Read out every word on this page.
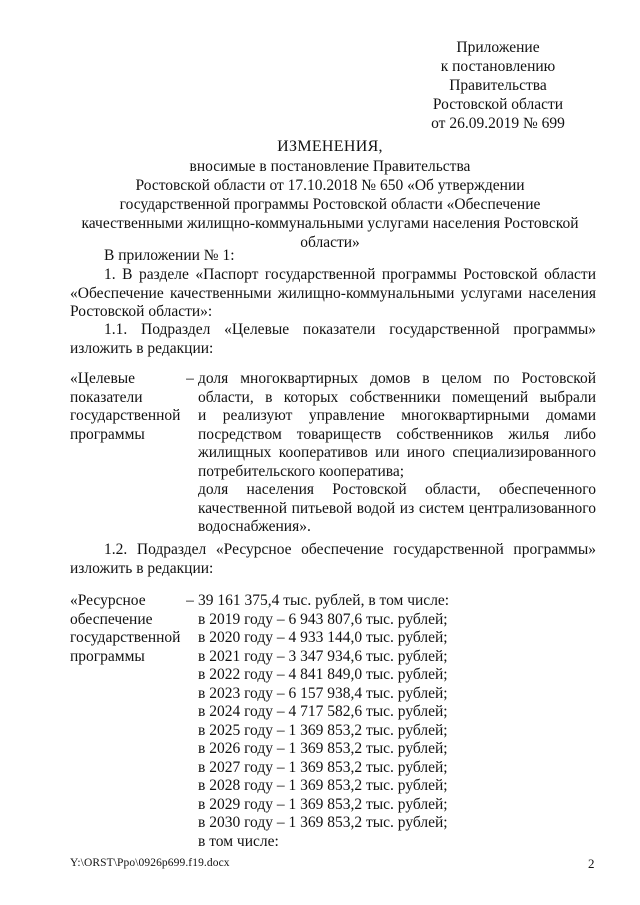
Приложение
к постановлению
Правительства
Ростовской области
от 26.09.2019 № 699
ИЗМЕНЕНИЯ,
вносимые в постановление Правительства
Ростовской области от 17.10.2018 № 650 «Об утверждении
государственной программы Ростовской области «Обеспечение
качественными жилищно-коммунальными услугами населения Ростовской области»
В приложении № 1:
1. В разделе «Паспорт государственной программы Ростовской области
«Обеспечение качественными жилищно-коммунальными услугами населения
Ростовской области»:
1.1. Подраздел «Целевые показатели государственной программы»
изложить в редакции:
«Целевые
показатели
государственной
программы
– доля многоквартирных домов в целом по Ростовской
области, в которых собственники помещений выбрали
и реализуют управление многоквартирными домами
посредством товариществ собственников жилья либо
жилищных кооперативов или иного специализированного
потребительского кооператива;
доля населения Ростовской области, обеспеченного
качественной питьевой водой из систем централизованного
водоснабжения».
1.2. Подраздел «Ресурсное обеспечение государственной программы»
изложить в редакции:
«Ресурсное
обеспечение
государственной
программы
– 39 161 375,4 тыс. рублей, в том числе:
в 2019 году – 6 943 807,6 тыс. рублей;
в 2020 году – 4 933 144,0 тыс. рублей;
в 2021 году – 3 347 934,6 тыс. рублей;
в 2022 году – 4 841 849,0 тыс. рублей;
в 2023 году – 6 157 938,4 тыс. рублей;
в 2024 году – 4 717 582,6 тыс. рублей;
в 2025 году – 1 369 853,2 тыс. рублей;
в 2026 году – 1 369 853,2 тыс. рублей;
в 2027 году – 1 369 853,2 тыс. рублей;
в 2028 году – 1 369 853,2 тыс. рублей;
в 2029 году – 1 369 853,2 тыс. рублей;
в 2030 году – 1 369 853,2 тыс. рублей;
в том числе:
Y:\ORST\Ppo\0926p699.f19.docx	2
